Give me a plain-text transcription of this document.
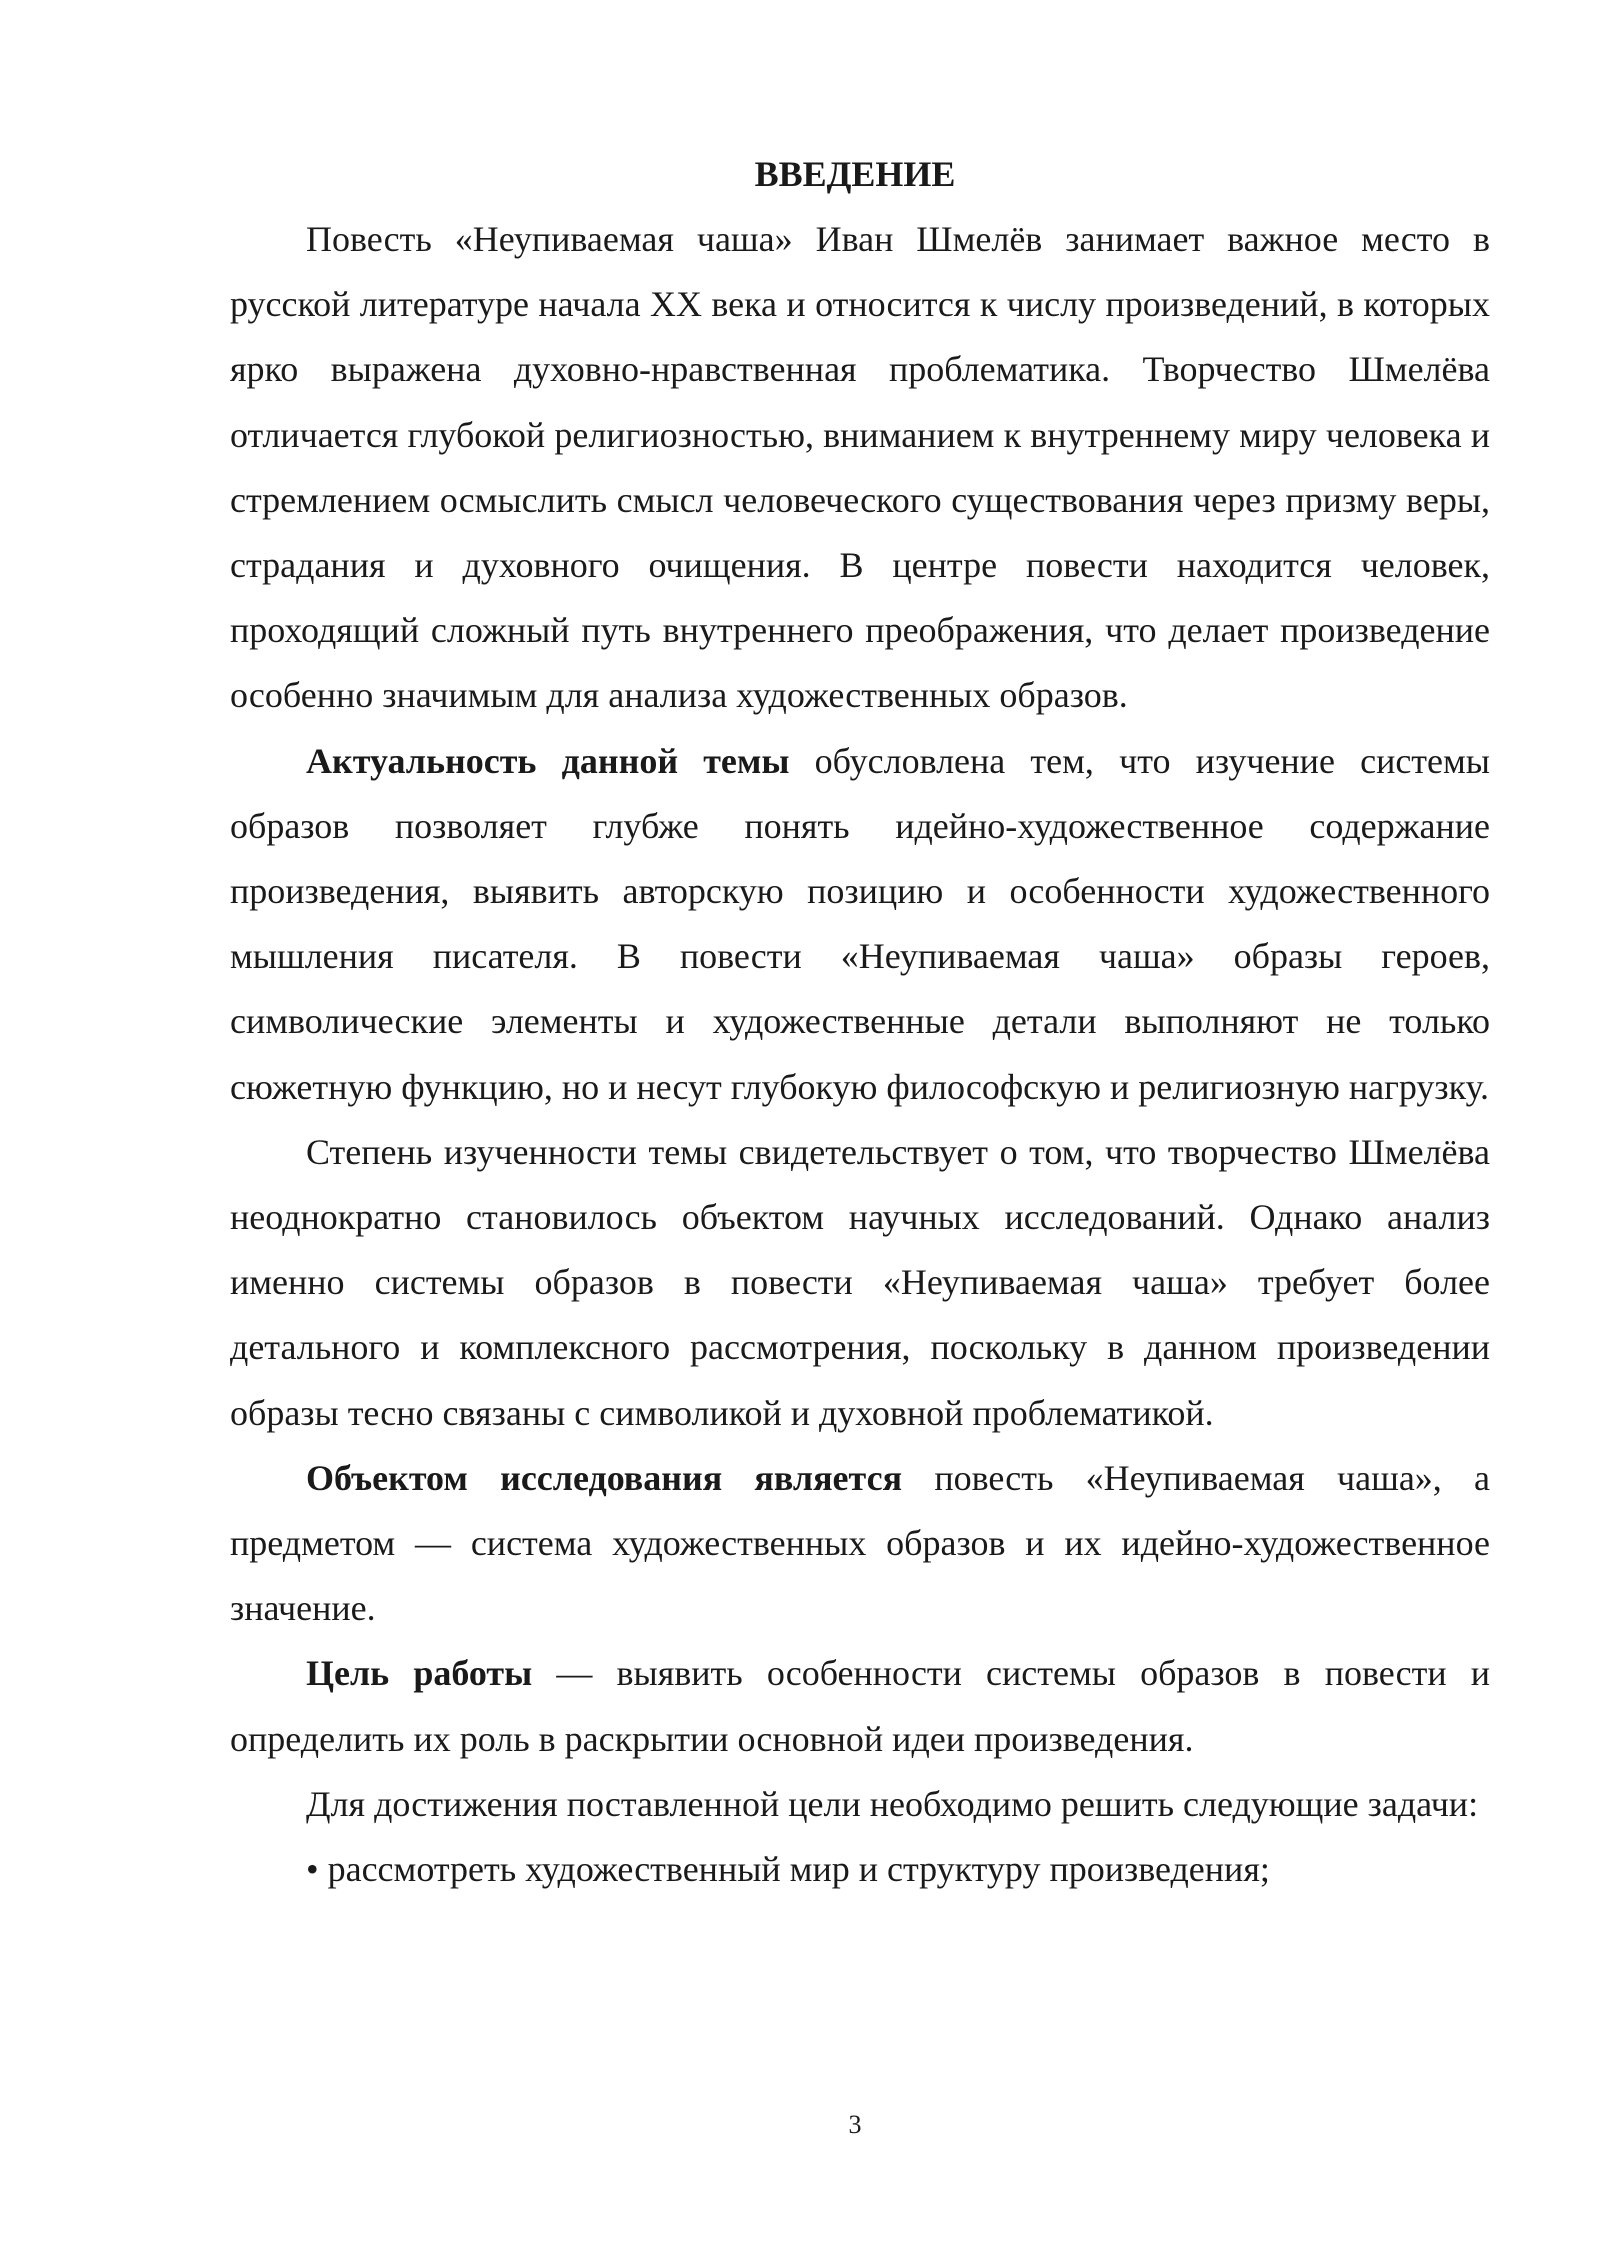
ВВЕДЕНИЕ

Повесть «Неупиваемая чаша» Иван Шмелёв занимает важное место в русской литературе начала XX века и относится к числу произведений, в которых ярко выражена духовно-нравственная проблематика. Творчество Шмелёва отличается глубокой религиозностью, вниманием к внутреннему миру человека и стремлением осмыслить смысл человеческого существования через призму веры, страдания и духовного очищения. В центре повести находится человек, проходящий сложный путь внутреннего преображения, что делает произведение особенно значимым для анализа художественных образов.

Актуальность данной темы обусловлена тем, что изучение системы образов позволяет глубже понять идейно-художественное содержание произведения, выявить авторскую позицию и особенности художественного мышления писателя. В повести «Неупиваемая чаша» образы героев, символические элементы и художественные детали выполняют не только сюжетную функцию, но и несут глубокую философскую и религиозную нагрузку.

Степень изученности темы свидетельствует о том, что творчество Шмелёва неоднократно становилось объектом научных исследований. Однако анализ именно системы образов в повести «Неупиваемая чаша» требует более детального и комплексного рассмотрения, поскольку в данном произведении образы тесно связаны с символикой и духовной проблематикой.

Объектом исследования является повесть «Неупиваемая чаша», а предметом — система художественных образов и их идейно-художественное значение.

Цель работы — выявить особенности системы образов в повести и определить их роль в раскрытии основной идеи произведения.

Для достижения поставленной цели необходимо решить следующие задачи:

• рассмотреть художественный мир и структуру произведения;

3
